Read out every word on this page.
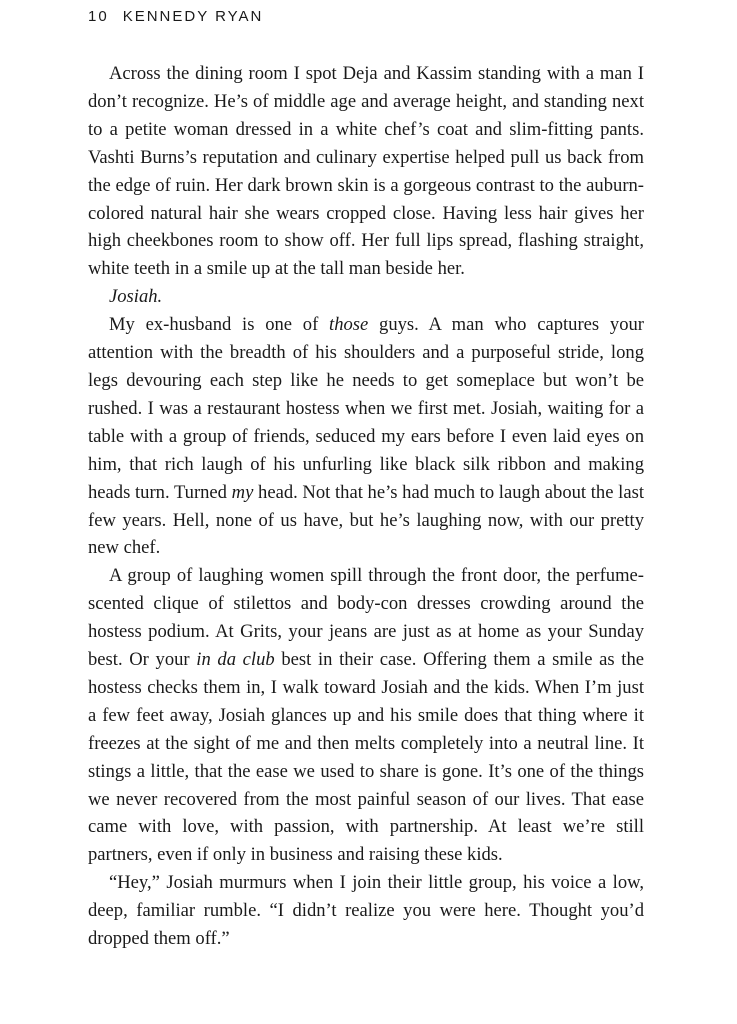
10 KENNEDY RYAN

Across the dining room I spot Deja and Kassim standing with a man I don’t recognize. He’s of middle age and average height, and standing next to a petite woman dressed in a white chef’s coat and slim-fitting pants. Vashti Burns’s reputation and culinary expertise helped pull us back from the edge of ruin. Her dark brown skin is a gorgeous contrast to the auburn-colored natural hair she wears cropped close. Having less hair gives her high cheekbones room to show off. Her full lips spread, flashing straight, white teeth in a smile up at the tall man beside her.

Josiah.

My ex-husband is one of those guys. A man who captures your attention with the breadth of his shoulders and a purposeful stride, long legs devouring each step like he needs to get someplace but won’t be rushed. I was a restaurant hostess when we first met. Josiah, waiting for a table with a group of friends, seduced my ears before I even laid eyes on him, that rich laugh of his unfurling like black silk ribbon and making heads turn. Turned my head. Not that he’s had much to laugh about the last few years. Hell, none of us have, but he’s laughing now, with our pretty new chef.

A group of laughing women spill through the front door, the perfume-scented clique of stilettos and body-con dresses crowding around the hostess podium. At Grits, your jeans are just as at home as your Sunday best. Or your in da club best in their case. Offering them a smile as the hostess checks them in, I walk toward Josiah and the kids. When I’m just a few feet away, Josiah glances up and his smile does that thing where it freezes at the sight of me and then melts completely into a neutral line. It stings a little, that the ease we used to share is gone. It’s one of the things we never recovered from the most painful season of our lives. That ease came with love, with passion, with partnership. At least we’re still partners, even if only in business and raising these kids.

“Hey,” Josiah murmurs when I join their little group, his voice a low, deep, familiar rumble. “I didn’t realize you were here. Thought you’d dropped them off.”
